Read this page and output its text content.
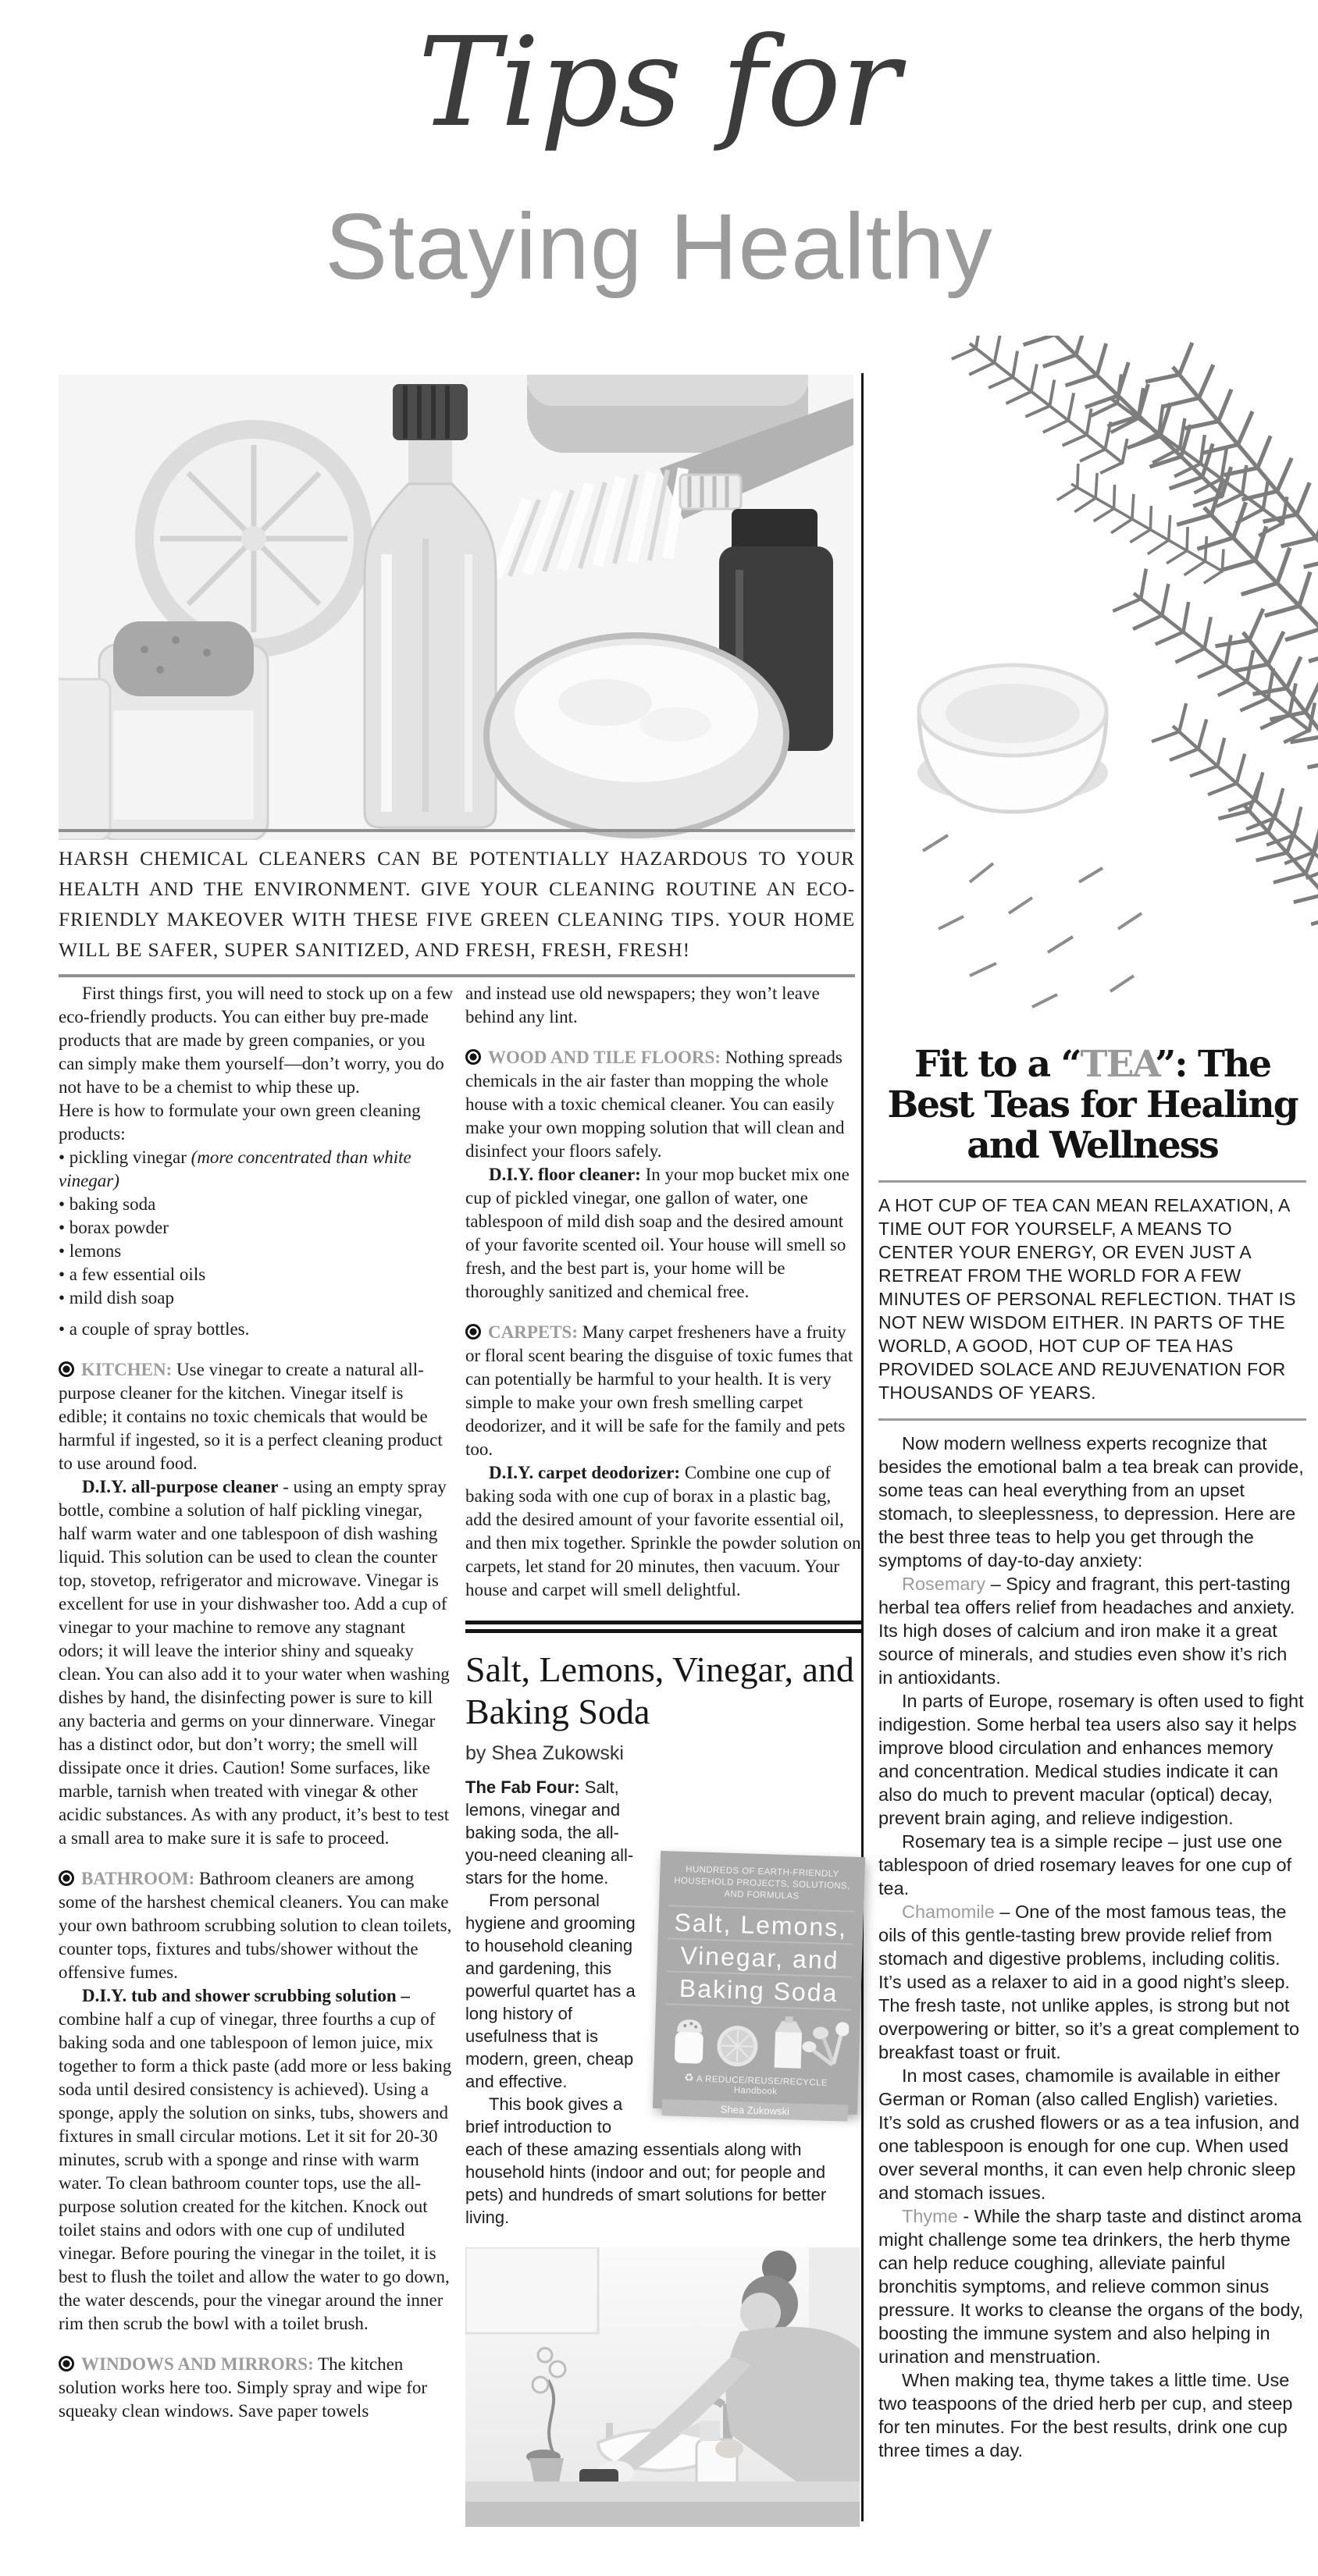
Tips for
Staying Healthy

HARSH CHEMICAL CLEANERS CAN BE POTENTIALLY HAZARDOUS TO YOUR HEALTH AND THE ENVIRONMENT. GIVE YOUR CLEANING ROUTINE AN ECO-FRIENDLY MAKEOVER WITH THESE FIVE GREEN CLEANING TIPS. YOUR HOME WILL BE SAFER, SUPER SANITIZED, AND FRESH, FRESH, FRESH!

First things first, you will need to stock up on a few eco-friendly products. You can either buy pre-made products that are made by green companies, or you can simply make them yourself—don’t worry, you do not have to be a chemist to whip these up.

Here is how to formulate your own green cleaning products:

• pickling vinegar (more concentrated than white vinegar)

• baking soda

• borax powder

• lemons

• a few essential oils

• mild dish soap

• a couple of spray bottles.

KITCHEN: Use vinegar to create a natural all-purpose cleaner for the kitchen. Vinegar itself is edible; it contains no toxic chemicals that would be harmful if ingested, so it is a perfect cleaning product to use around food.

D.I.Y. all-purpose cleaner - using an empty spray bottle, combine a solution of half pickling vinegar, half warm water and one tablespoon of dish washing liquid. This solution can be used to clean the counter top, stovetop, refrigerator and microwave. Vinegar is excellent for use in your dishwasher too. Add a cup of vinegar to your machine to remove any stagnant odors; it will leave the interior shiny and squeaky clean. You can also add it to your water when washing dishes by hand, the disinfecting power is sure to kill any bacteria and germs on your dinnerware. Vinegar has a distinct odor, but don’t worry; the smell will dissipate once it dries. Caution! Some surfaces, like marble, tarnish when treated with vinegar & other acidic substances. As with any product, it’s best to test a small area to make sure it is safe to proceed.

BATHROOM: Bathroom cleaners are among some of the harshest chemical cleaners. You can make your own bathroom scrubbing solution to clean toilets, counter tops, fixtures and tubs/shower without the offensive fumes.

D.I.Y. tub and shower scrubbing solution – combine half a cup of vinegar, three fourths a cup of baking soda and one tablespoon of lemon juice, mix together to form a thick paste (add more or less baking soda until desired consistency is achieved). Using a sponge, apply the solution on sinks, tubs, showers and fixtures in small circular motions. Let it sit for 20-30 minutes, scrub with a sponge and rinse with warm water. To clean bathroom counter tops, use the all-purpose solution created for the kitchen. Knock out toilet stains and odors with one cup of undiluted vinegar. Before pouring the vinegar in the toilet, it is best to flush the toilet and allow the water to go down, the water descends, pour the vinegar around the inner rim then scrub the bowl with a toilet brush.

WINDOWS AND MIRRORS: The kitchen solution works here too. Simply spray and wipe for squeaky clean windows. Save paper towels

and instead use old newspapers; they won’t leave behind any lint.

WOOD AND TILE FLOORS: Nothing spreads chemicals in the air faster than mopping the whole house with a toxic chemical cleaner. You can easily make your own mopping solution that will clean and disinfect your floors safely.

D.I.Y. floor cleaner: In your mop bucket mix one cup of pickled vinegar, one gallon of water, one tablespoon of mild dish soap and the desired amount of your favorite scented oil. Your house will smell so fresh, and the best part is, your home will be thoroughly sanitized and chemical free.

CARPETS: Many carpet fresheners have a fruity or floral scent bearing the disguise of toxic fumes that can potentially be harmful to your health. It is very simple to make your own fresh smelling carpet deodorizer, and it will be safe for the family and pets too.

D.I.Y. carpet deodorizer: Combine one cup of baking soda with one cup of borax in a plastic bag, add the desired amount of your favorite essential oil, and then mix together. Sprinkle the powder solution on carpets, let stand for 20 minutes, then vacuum. Your house and carpet will smell delightful.

Salt, Lemons, Vinegar, and Baking Soda
by Shea Zukowski
HUNDREDS OF EARTH-FRIENDLY HOUSEHOLD PROJECTS, SOLUTIONS, AND FORMULAS
Salt, Lemons,
Vinegar, and
Baking Soda
♻ A REDUCE/REUSE/RECYCLE Handbook
Shea Zukowski

The Fab Four: Salt, lemons, vinegar and baking soda, the all-you-need cleaning all-stars for the home.

From personal hygiene and grooming to household cleaning and gardening, this powerful quartet has a long history of usefulness that is modern, green, cheap and effective.

This book gives a brief introduction to each of these amazing essentials along with household hints (indoor and out; for people and pets) and hundreds of smart solutions for better living.

Fit to a “TEA”: The
Best Teas for Healing
and Wellness

A HOT CUP OF TEA CAN MEAN RELAXATION, A TIME OUT FOR YOURSELF, A MEANS TO CENTER YOUR ENERGY, OR EVEN JUST A RETREAT FROM THE WORLD FOR A FEW MINUTES OF PERSONAL REFLECTION. THAT IS NOT NEW WISDOM EITHER. IN PARTS OF THE WORLD, A GOOD, HOT CUP OF TEA HAS PROVIDED SOLACE AND REJUVENATION FOR THOUSANDS OF YEARS.

Now modern wellness experts recognize that besides the emotional balm a tea break can provide, some teas can heal everything from an upset stomach, to sleeplessness, to depression. Here are the best three teas to help you get through the symptoms of day-to-day anxiety:

Rosemary – Spicy and fragrant, this pert-tasting herbal tea offers relief from headaches and anxiety. Its high doses of calcium and iron make it a great source of minerals, and studies even show it’s rich in antioxidants.

In parts of Europe, rosemary is often used to fight indigestion. Some herbal tea users also say it helps improve blood circulation and enhances memory and concentration. Medical studies indicate it can also do much to prevent macular (optical) decay, prevent brain aging, and relieve indigestion.

Rosemary tea is a simple recipe – just use one tablespoon of dried rosemary leaves for one cup of tea.

Chamomile – One of the most famous teas, the oils of this gentle-tasting brew provide relief from stomach and digestive problems, including colitis. It’s used as a relaxer to aid in a good night’s sleep. The fresh taste, not unlike apples, is strong but not overpowering or bitter, so it’s a great complement to breakfast toast or fruit.

In most cases, chamomile is available in either German or Roman (also called English) varieties. It’s sold as crushed flowers or as a tea infusion, and one tablespoon is enough for one cup. When used over several months, it can even help chronic sleep and stomach issues.

Thyme - While the sharp taste and distinct aroma might challenge some tea drinkers, the herb thyme can help reduce coughing, alleviate painful bronchitis symptoms, and relieve common sinus pressure. It works to cleanse the organs of the body, boosting the immune system and also helping in urination and menstruation.

When making tea, thyme takes a little time. Use two teaspoons of the dried herb per cup, and steep for ten minutes. For the best results, drink one cup three times a day.
